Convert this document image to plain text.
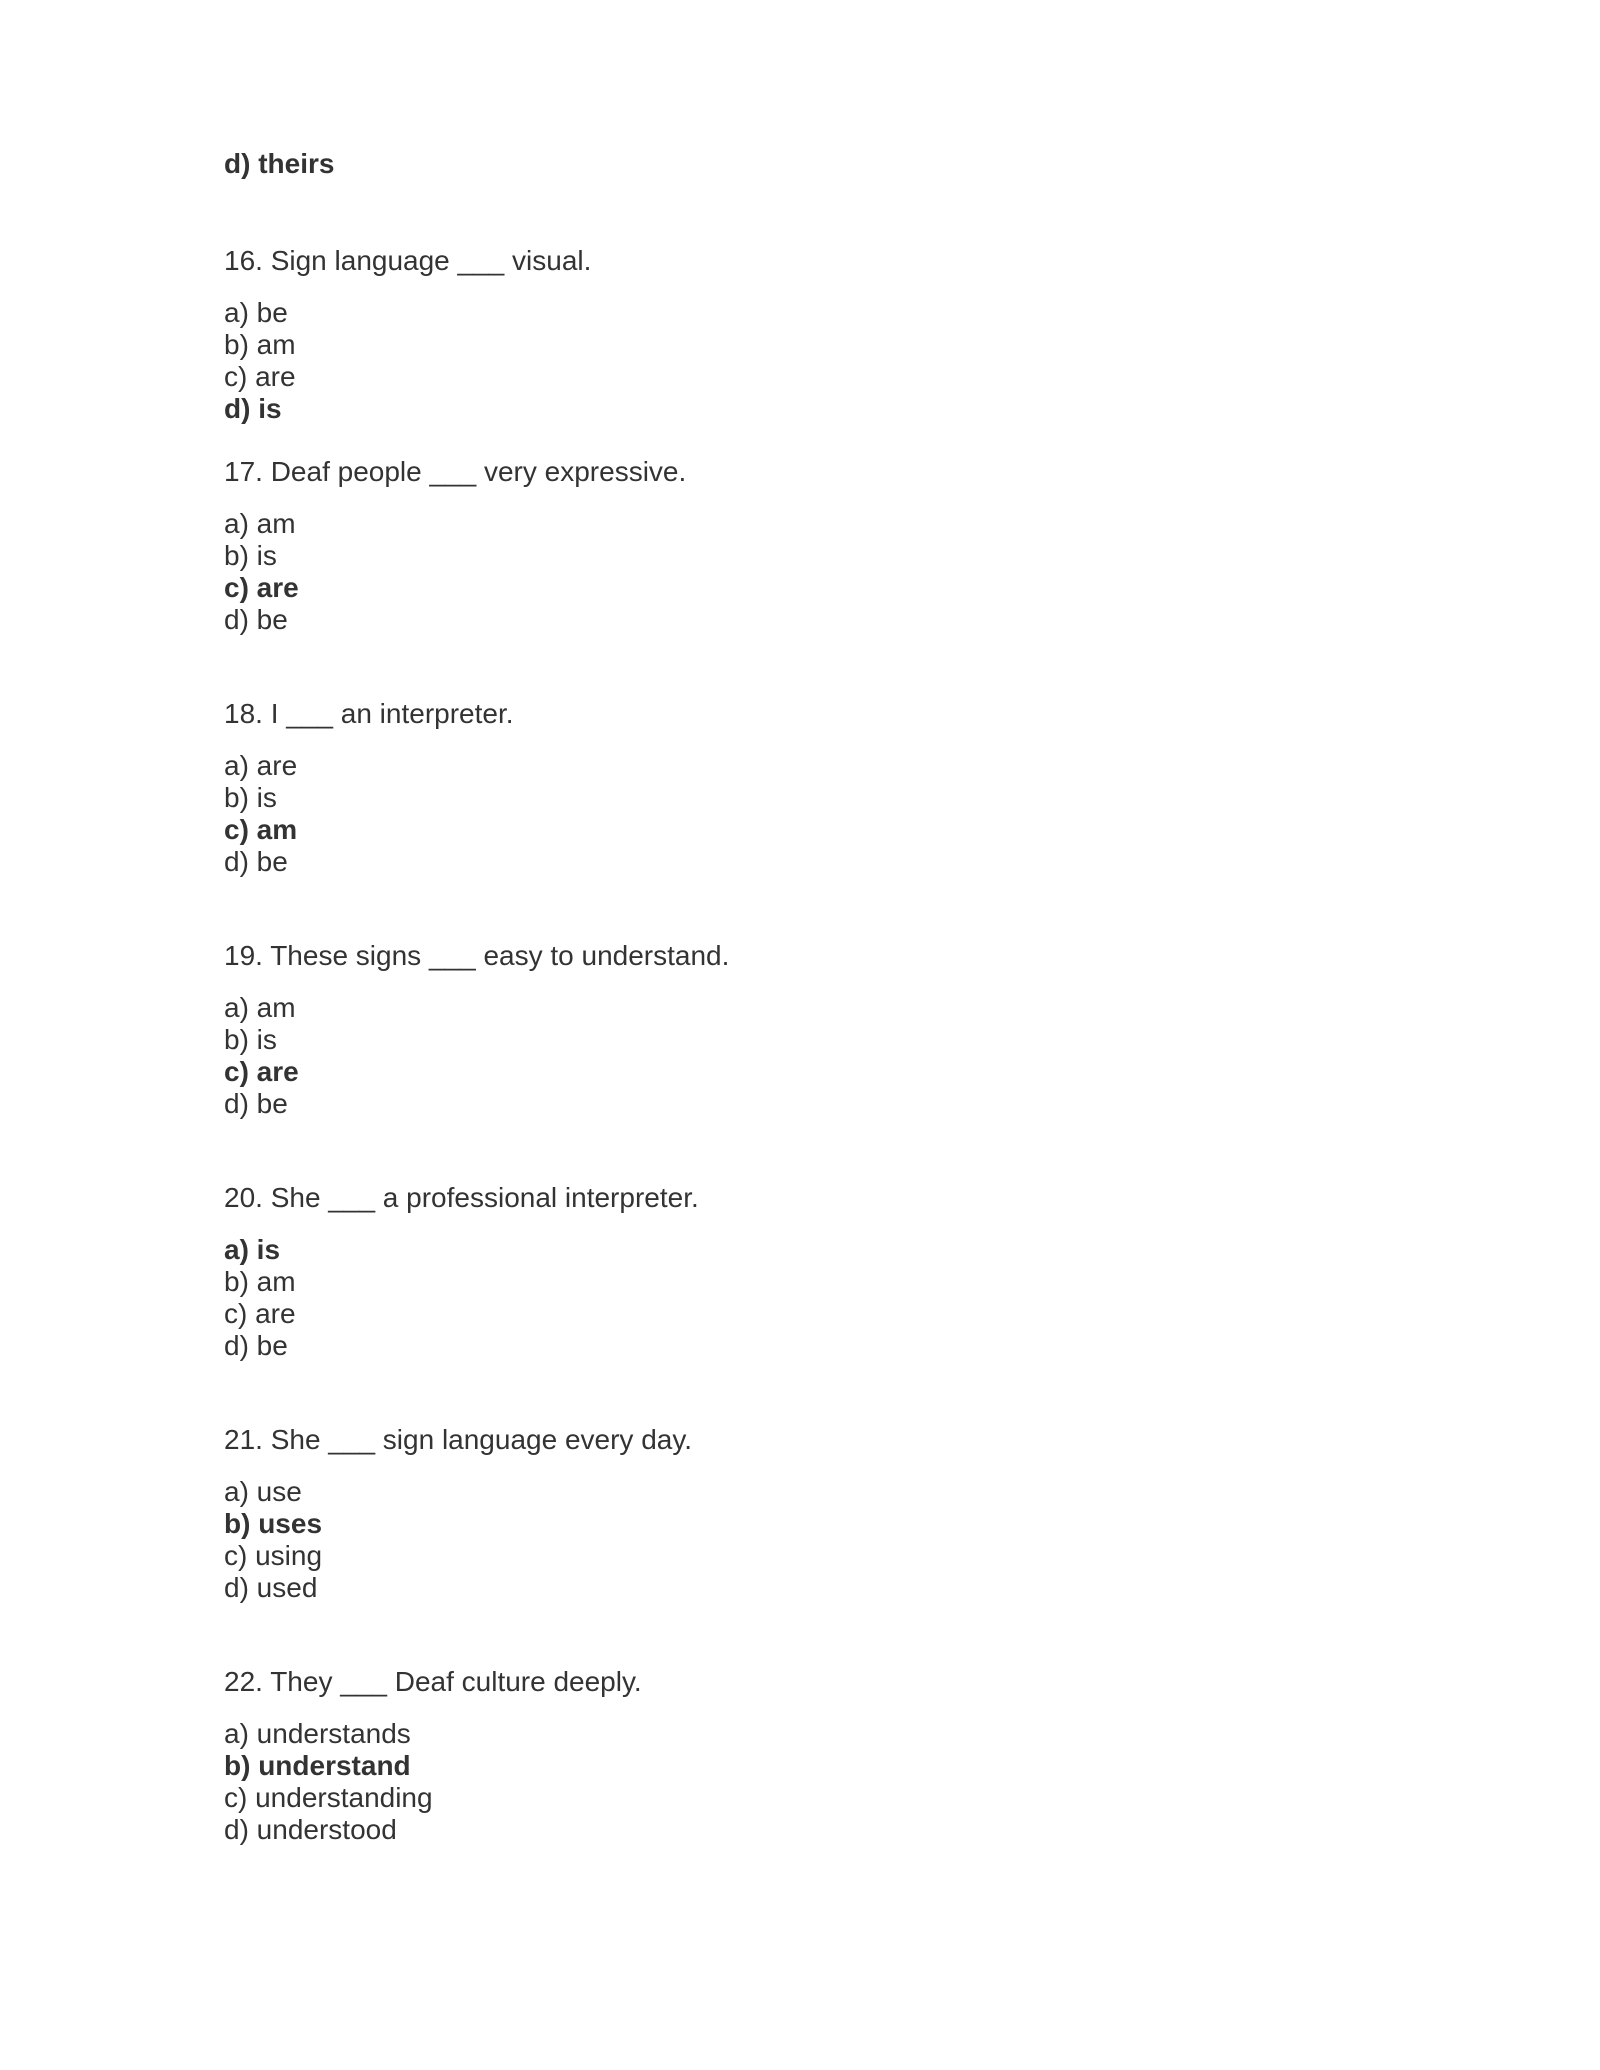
d) theirs
16. Sign language ___ visual.
a) be
b) am
c) are
d) is
17. Deaf people ___ very expressive.
a) am
b) is
c) are
d) be
18. I ___ an interpreter.
a) are
b) is
c) am
d) be
19. These signs ___ easy to understand.
a) am
b) is
c) are
d) be
20. She ___ a professional interpreter.
a) is
b) am
c) are
d) be
21. She ___ sign language every day.
a) use
b) uses
c) using
d) used
22. They ___ Deaf culture deeply.
a) understands
b) understand
c) understanding
d) understood
